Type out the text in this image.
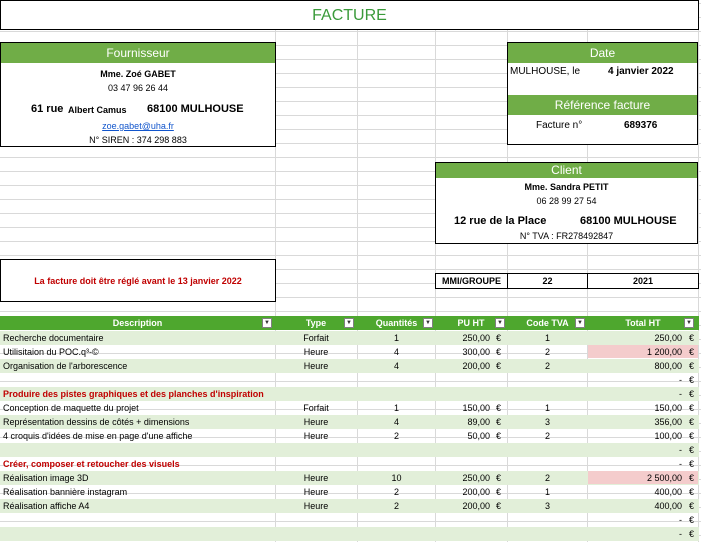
FACTURE
Fournisseur
Mme. Zoé GABET
03 47 96 26 44
61 rue Albert Camus 68100 MULHOUSE
zoe.gabet@uha.fr
N° SIREN : 374 298 883
Date
MULHOUSE, le	4 janvier 2022
Référence facture
Facture n°	689376
Client
Mme. Sandra PETIT
06 28 99 27 54
12 rue de la Place	68100 MULHOUSE
N° TVA : FR278492847
La facture doit être réglé avant le 13 janvier 2022	MMI/GROUPE	22	2021
Description	▼	Type	▼	Quantités	▼	PU HT	▼	Code TVA	▼	Total HT	▼
Recherche documentaire	Forfait	1	250,00 €	1	250,00 €
Utilisitaion du POC.q³-©	Heure	4	300,00 €	2	1 200,00 €
Organisation de l'arborescence	Heure	4	200,00 €	2	800,00 €
- €
Produire des pistes graphiques et des planches d'inspiration	- €
Conception de maquette du projet	Forfait	1	150,00 €	1	150,00 €
Représentation dessins de côtés + dimensions	Heure	4	89,00 €	3	356,00 €
4 croquis d'idées de mise en page d'une affiche	Heure	2	50,00 €	2	100,00 €
- €
Créer, composer et retoucher des visuels	- €
Réalisation image 3D	Heure	10	250,00 €	2	2 500,00 €
Réalisation bannière instagram	Heure	2	200,00 €	1	400,00 €
Réalisation affiche A4	Heure	2	200,00 €	3	400,00 €
- €
- €
